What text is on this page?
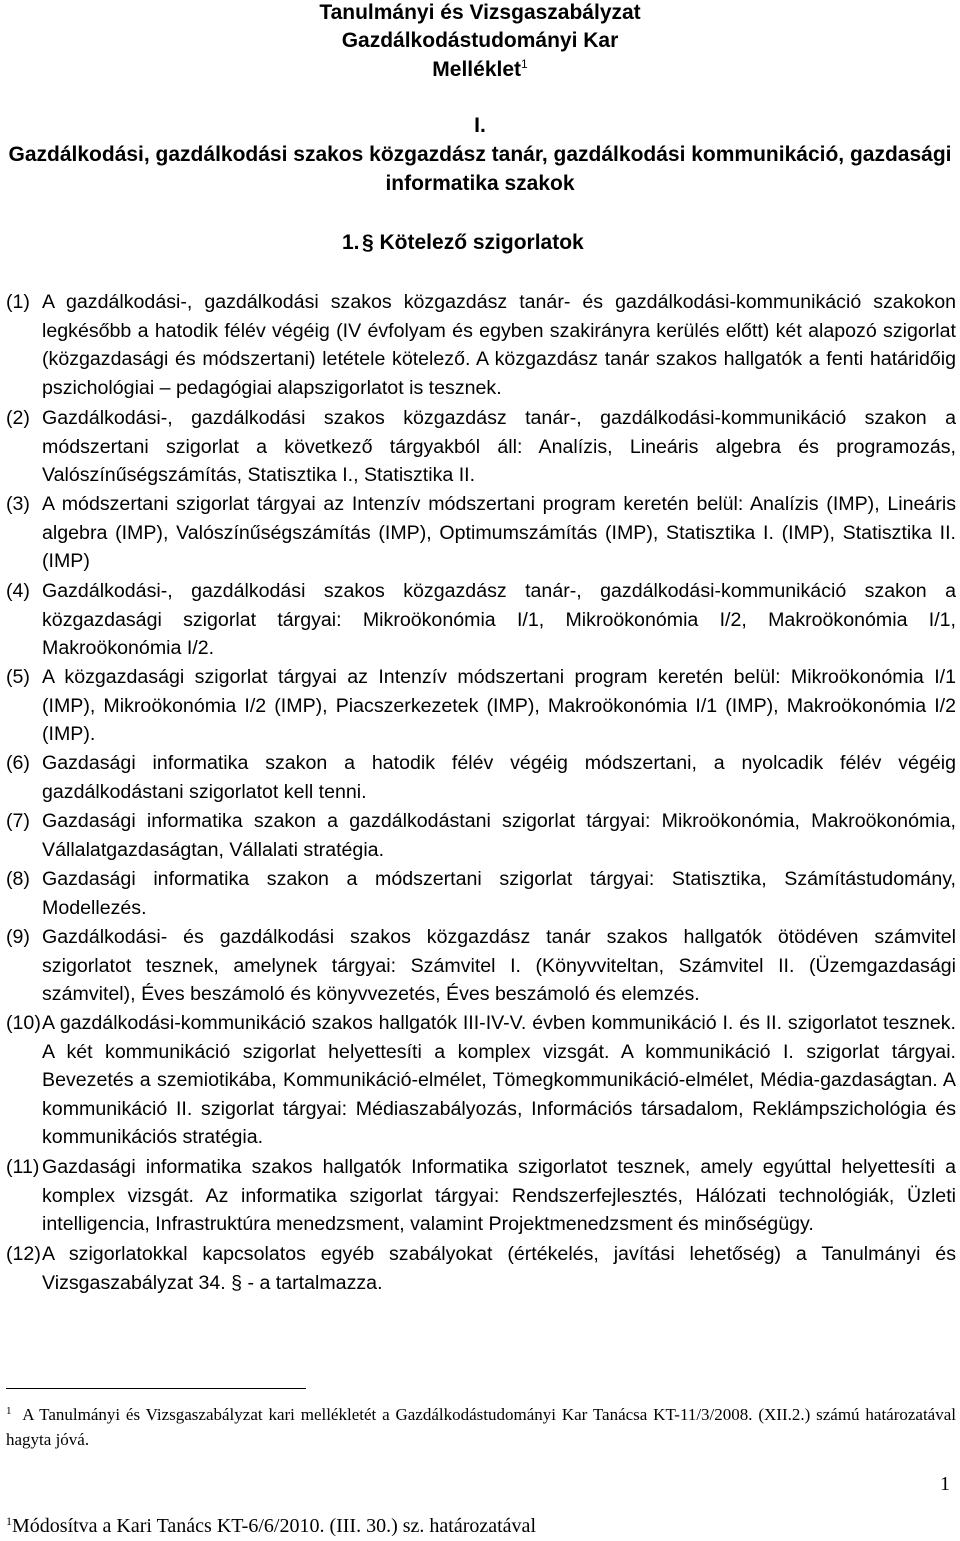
Tanulmányi és Vizsgaszabályzat
Gazdálkodástudományi Kar
Melléklet$^1$
I.
Gazdálkodási, gazdálkodási szakos közgazdász tanár, gazdálkodási kommunikáció, gazdasági
informatika szakok
1. § Kötelező szigorlatok
(1) A gazdálkodási-, gazdálkodási szakos közgazdász tanár- és gazdálkodási-kommunikáció szakokon legkésőbb a hatodik félév végéig (IV évfolyam és egyben szakirányra kerülés előtt) két alapozó szigorlat (közgazdasági és módszertani) letétele kötelező. A közgazdász tanár szakos hallgatók a fenti határidőig pszichológiai – pedagógiai alapszigorlatot is tesznek.
(2) Gazdálkodási-, gazdálkodási szakos közgazdász tanár-, gazdálkodási-kommunikáció szakon a módszertani szigorlat a következő tárgyakból áll: Analízis, Lineáris algebra és programozás, Valószínűségszámítás, Statisztika I., Statisztika II.
(3) A módszertani szigorlat tárgyai az Intenzív módszertani program keretén belül: Analízis (IMP), Lineáris algebra (IMP), Valószínűségszámítás (IMP), Optimumszámítás (IMP), Statisztika I. (IMP), Statisztika II. (IMP)
(4) Gazdálkodási-, gazdálkodási szakos közgazdász tanár-, gazdálkodási-kommunikáció szakon a közgazdasági szigorlat tárgyai: Mikroökonómia I/1, Mikroökonómia I/2, Makroökonómia I/1, Makroökonómia I/2.
(5) A közgazdasági szigorlat tárgyai az Intenzív módszertani program keretén belül: Mikroökonómia I/1 (IMP), Mikroökonómia I/2 (IMP), Piacszerkezetek (IMP), Makroökonómia I/1 (IMP), Makroökonómia I/2 (IMP).
(6) Gazdasági informatika szakon a hatodik félév végéig módszertani, a nyolcadik félév végéig gazdálkodástani szigorlatot kell tenni.
(7) Gazdasági informatika szakon a gazdálkodástani szigorlat tárgyai: Mikroökonómia, Makroökonómia, Vállalatgazdaságtan, Vállalati stratégia.
(8) Gazdasági informatika szakon a módszertani szigorlat tárgyai: Statisztika, Számítástudomány, Modellezés.
(9) Gazdálkodási- és gazdálkodási szakos közgazdász tanár szakos hallgatók ötödéven számvitel szigorlatot tesznek, amelynek tárgyai: Számvitel I. (Könyvviteltan, Számvitel II. (Üzemgazdasági számvitel), Éves beszámoló és könyvvezetés, Éves beszámoló és elemzés.
(10) A gazdálkodási-kommunikáció szakos hallgatók III-IV-V. évben kommunikáció I. és II. szigorlatot tesznek. A két kommunikáció szigorlat helyettesíti a komplex vizsgát. A kommunikáció I. szigorlat tárgyai. Bevezetés a szemiotikába, Kommunikáció-elmélet, Tömegkommunikáció-elmélet, Média-gazdaságtan. A kommunikáció II. szigorlat tárgyai: Médiaszabályozás, Információs társadalom, Reklámpszichológia és kommunikációs stratégia.
(11) Gazdasági informatika szakos hallgatók Informatika szigorlatot tesznek, amely egyúttal helyettesíti a komplex vizsgát. Az informatika szigorlat tárgyai: Rendszerfejlesztés, Hálózati technológiák, Üzleti intelligencia, Infrastruktúra menedzsment, valamint Projektmenedzsment és minőségügy.
(12) A szigorlatokkal kapcsolatos egyéb szabályokat (értékelés, javítási lehetőség) a Tanulmányi és Vizsgaszabályzat 34. § - a tartalmazza.
$^1$ A Tanulmányi és Vizsgaszabályzat kari mellékletét a Gazdálkodástudományi Kar Tanácsa KT-11/3/2008. (XII.2.) számú határozatával hagyta jóvá.
1
$^1$Módosítva a Kari Tanács KT-6/6/2010. (III. 30.) sz. határozatával
